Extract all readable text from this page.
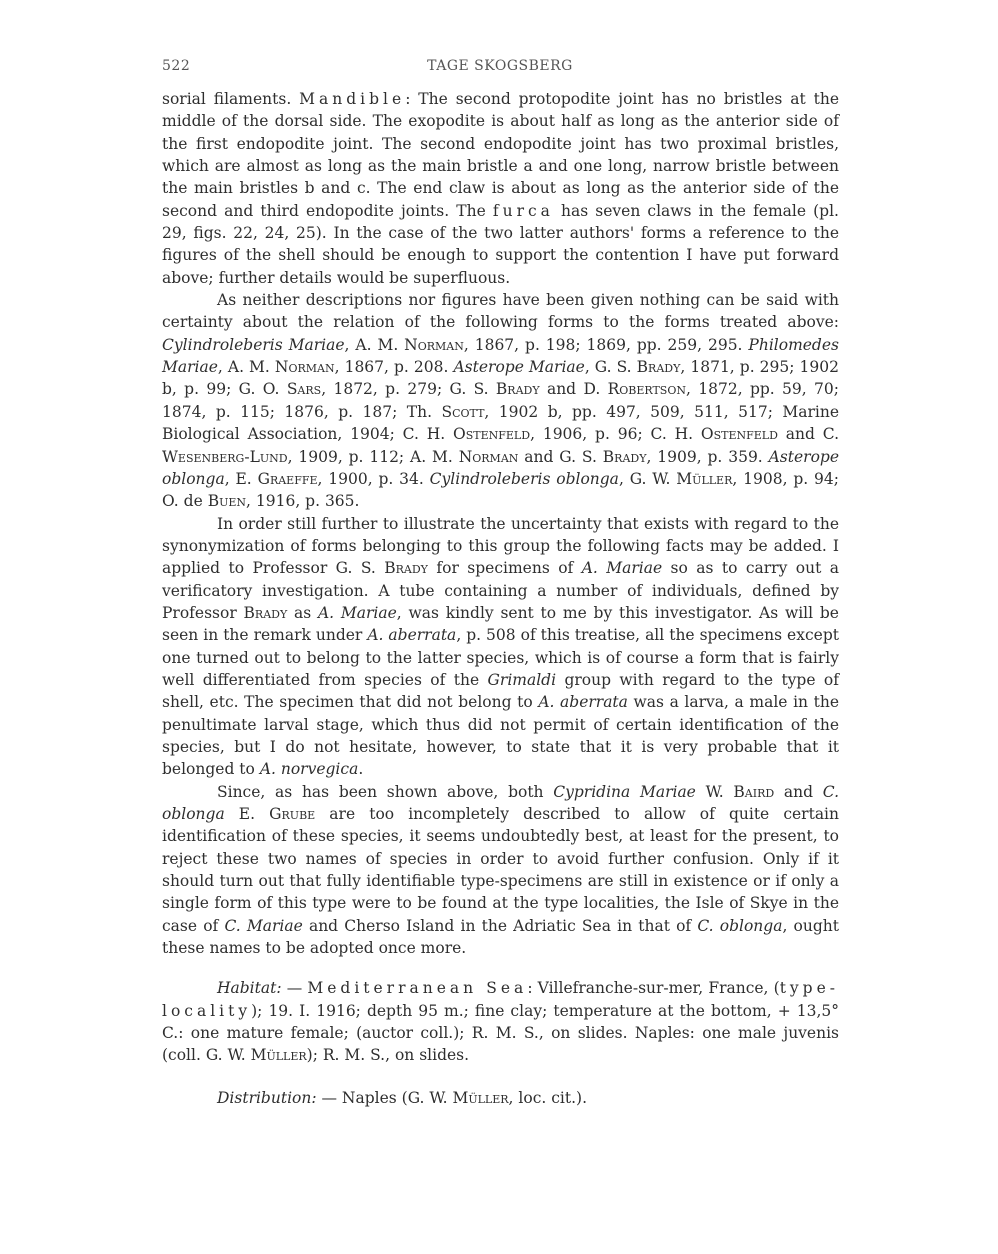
522	TAGE SKOGSBERG

sorial filaments. Mandible: The second protopodite joint has no bristles at the middle of the dorsal side. The exopodite is about half as long as the anterior side of the first endopodite joint. The second endopodite joint has two proximal bristles, which are almost as long as the main bristle a and one long, narrow bristle between the main bristles b and c. The end claw is about as long as the anterior side of the second and third endopodite joints. The furca has seven claws in the female (pl. 29, figs. 22, 24, 25). In the case of the two latter authors' forms a reference to the figures of the shell should be enough to support the contention I have put forward above; further details would be superfluous.

As neither descriptions nor figures have been given nothing can be said with certainty about the relation of the following forms to the forms treated above: Cylindroleberis Mariae, A. M. Norman, 1867, p. 198; 1869, pp. 259, 295. Philomedes Mariae, A. M. Norman, 1867, p. 208. Asterope Mariae, G. S. Brady, 1871, p. 295; 1902 b, p. 99; G. O. Sars, 1872, p. 279; G. S. Brady and D. Robertson, 1872, pp. 59, 70; 1874, p. 115; 1876, p. 187; Th. Scott, 1902 b, pp. 497, 509, 511, 517; Marine Biological Association, 1904; C. H. Ostenfeld, 1906, p. 96; C. H. Ostenfeld and C. Wesenberg-Lund, 1909, p. 112; A. M. Norman and G. S. Brady, 1909, p. 359. Asterope oblonga, E. Graeffe, 1900, p. 34. Cylindroleberis oblonga, G. W. Müller, 1908, p. 94; O. de Buen, 1916, p. 365.

In order still further to illustrate the uncertainty that exists with regard to the synonymization of forms belonging to this group the following facts may be added. I applied to Professor G. S. Brady for specimens of A. Mariae so as to carry out a verificatory investigation. A tube containing a number of individuals, defined by Professor Brady as A. Mariae, was kindly sent to me by this investigator. As will be seen in the remark under A. aberrata, p. 508 of this treatise, all the specimens except one turned out to belong to the latter species, which is of course a form that is fairly well differentiated from species of the Grimaldi group with regard to the type of shell, etc. The specimen that did not belong to A. aberrata was a larva, a male in the penultimate larval stage, which thus did not permit of certain identification of the species, but I do not hesitate, however, to state that it is very probable that it belonged to A. norvegica.

Since, as has been shown above, both Cypridina Mariae W. Baird and C. oblonga E. Grube are too incompletely described to allow of quite certain identification of these species, it seems undoubtedly best, at least for the present, to reject these two names of species in order to avoid further confusion. Only if it should turn out that fully identifiable type-specimens are still in existence or if only a single form of this type were to be found at the type localities, the Isle of Skye in the case of C. Mariae and Cherso Island in the Adriatic Sea in that of C. oblonga, ought these names to be adopted once more.

Habitat: — Mediterranean Sea: Villefranche-sur-mer, France, (type-locality); 19. I. 1916; depth 95 m.; fine clay; temperature at the bottom, + 13,5° C.: one mature female; (auctor coll.); R. M. S., on slides. Naples: one male juvenis (coll. G. W. Müller); R. M. S., on slides.

Distribution: — Naples (G. W. Müller, loc. cit.).
